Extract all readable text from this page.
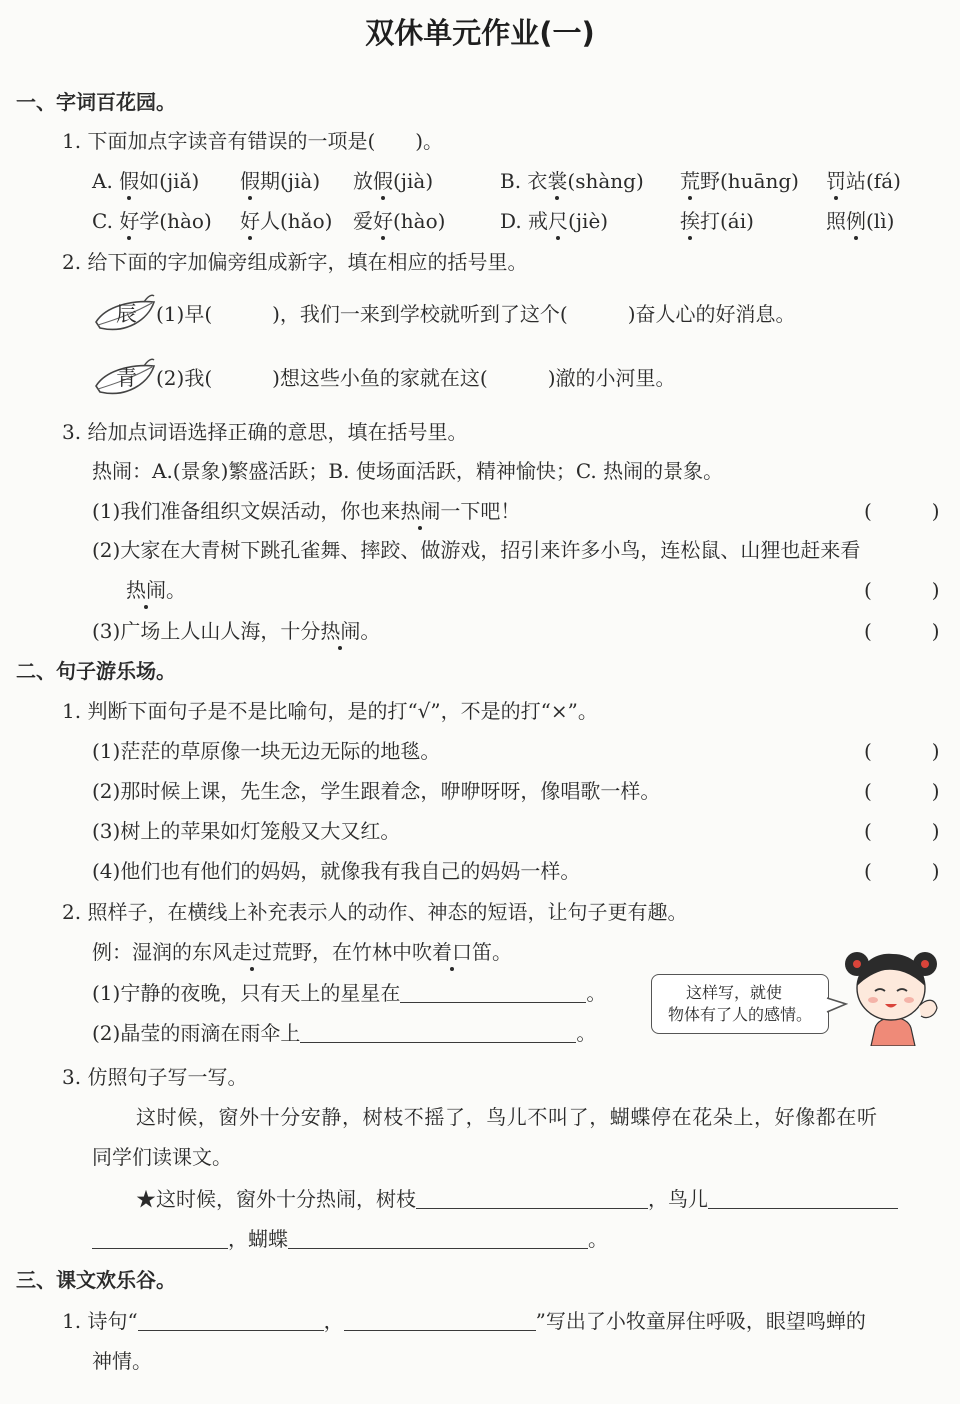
双休单元作业(一)
一、字词百花园。
1. 下面加点字读音有错误的一项是(　　)。
A. 假如(jiǎ) 假期(jià) 放假(jià)	B. 衣裳(shàng) 荒野(huāng) 罚站(fá)
C. 好学(hào) 好人(hǎo) 爱好(hào)	D. 戒尺(jiè)	挨打(ái)	照例(lì)
2. 给下面的字加偏旁组成新字，填在相应的括号里。
辰 (1)早(　　　)，我们一来到学校就听到了这个(　　　)奋人心的好消息。
青 (2)我(　　　)想这些小鱼的家就在这(　　　)澈的小河里。
3. 给加点词语选择正确的意思，填在括号里。
热闹：A.(景象)繁盛活跃；B. 使场面活跃，精神愉快；C. 热闹的景象。
(1)我们准备组织文娱活动，你也来热闹一下吧！	(　　　)
(2)大家在大青树下跳孔雀舞、摔跤、做游戏，招引来许多小鸟，连松鼠、山狸也赶来看
热闹。	(　　　)
(3)广场上人山人海，十分热闹。	(　　　)
二、句子游乐场。
1. 判断下面句子是不是比喻句，是的打“√”，不是的打“×”。
(1)茫茫的草原像一块无边无际的地毯。	(　　　)
(2)那时候上课，先生念，学生跟着念，咿咿呀呀，像唱歌一样。	(　　　)
(3)树上的苹果如灯笼般又大又红。	(　　　)
(4)他们也有他们的妈妈，就像我有我自己的妈妈一样。	(　　　)
2. 照样子，在横线上补充表示人的动作、神态的短语，让句子更有趣。
例：湿润的东风走过荒野，在竹林中吹着口笛。
(1)宁静的夜晚，只有天上的星星在	。
(2)晶莹的雨滴在雨伞上	。
这样写，就使
物体有了人的感情。
3. 仿照句子写一写。
这时候，窗外十分安静，树枝不摇了，鸟儿不叫了，蝴蝶停在花朵上，好像都在听
同学们读课文。
★这时候，窗外十分热闹，树枝	，鸟儿
，蝴蝶	。
三、课文欢乐谷。
1. 诗句“	，	”写出了小牧童屏住呼吸，眼望鸣蝉的
神情。
